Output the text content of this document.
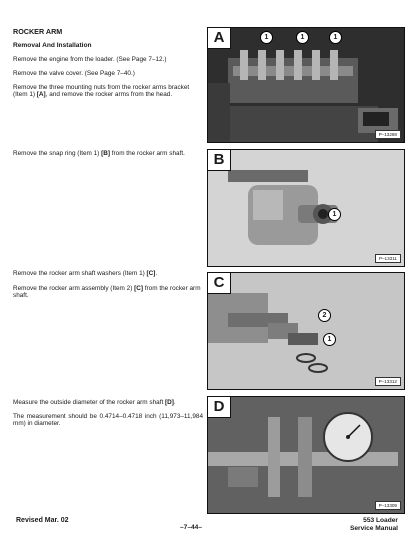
ROCKER ARM
Removal And Installation
Remove the engine from the loader. (See Page 7–12.)
Remove the valve cover. (See Page 7–40.)
Remove the three mounting nuts from the rocker arms bracket (Item 1) [A], and remove the rocker arms from the head.
Remove the snap ring (Item 1) [B] from the rocker arm shaft.
Remove the rocker arm shaft washers (Item 1) [C].
Remove the rocker arm assembly (Item 2) [C] from the rocker arm shaft.
Measure the outside diameter of the rocker arm shaft [D].
The measurement should be 0.4714–0.4718 inch (11,973–11,984 mm) in diameter.
A	1	1	1
P–13288
B
1
P–13311
C
2
1
P–13312
D
P–13309
Revised Mar. 02
–7–44–
553 Loader
Service Manual
